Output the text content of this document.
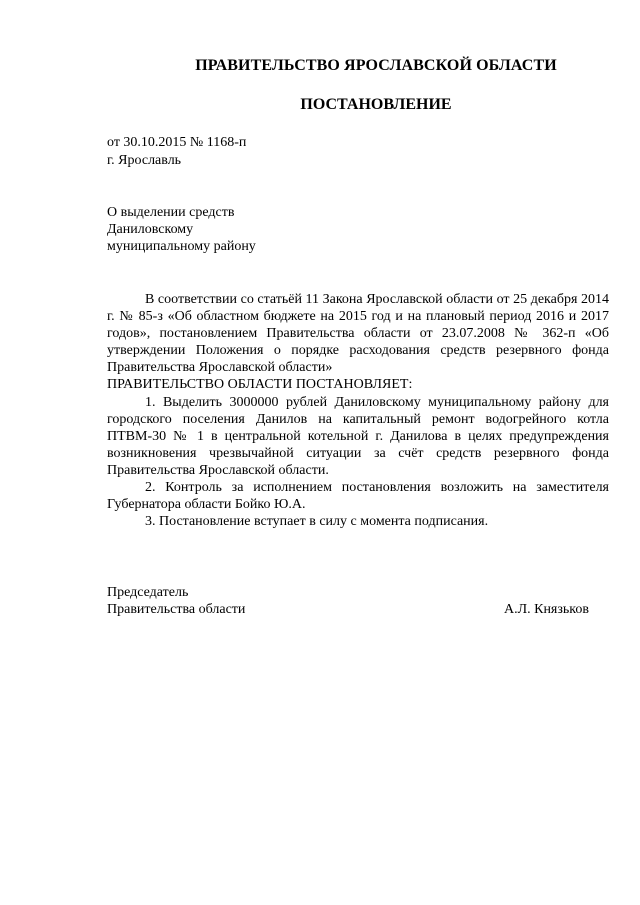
ПРАВИТЕЛЬСТВО ЯРОСЛАВСКОЙ ОБЛАСТИ
ПОСТАНОВЛЕНИЕ
от 30.10.2015 № 1168-п
г. Ярославль
О выделении средств
Даниловскому
муниципальному району

В соответствии со статьёй 11 Закона Ярославской области от 25 декабря 2014 г. № 85-з «Об областном бюджете на 2015 год и на плановый период 2016 и 2017 годов», постановлением Правительства области от 23.07.2008 № 362-п «Об утверждении Положения о порядке расходования средств резервного фонда Правительства Ярославской области»

ПРАВИТЕЛЬСТВО ОБЛАСТИ ПОСТАНОВЛЯЕТ:

1. Выделить 3000000 рублей Даниловскому муниципальному району для городского поселения Данилов на капитальный ремонт водогрейного котла ПТВМ-30 № 1 в центральной котельной г. Данилова в целях предупреждения возникновения чрезвычайной ситуации за счёт средств резервного фонда Правительства Ярославской области.

2. Контроль за исполнением постановления возложить на заместителя Губернатора области Бойко Ю.А.

3. Постановление вступает в силу с момента подписания.

Председатель
Правительства области	А.Л. Князьков
